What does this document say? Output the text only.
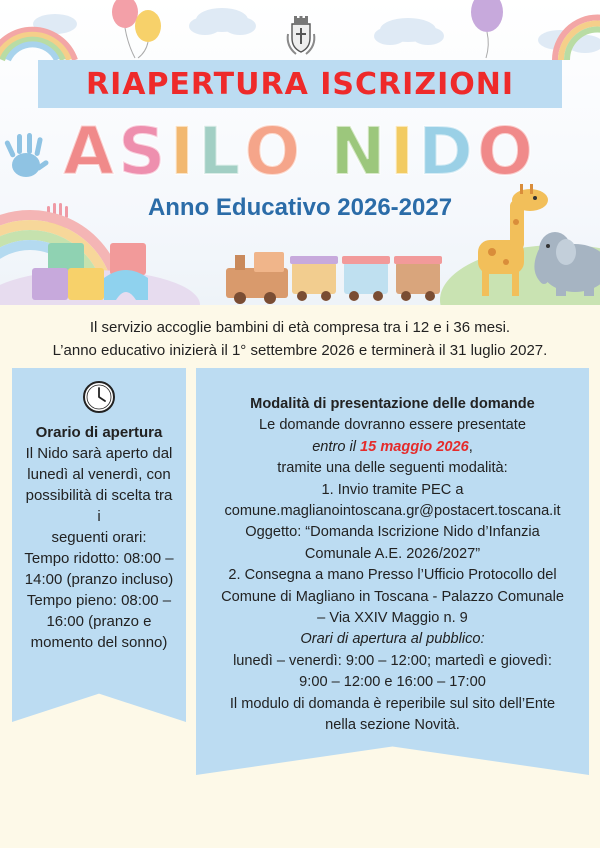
RIAPERTURA ISCRIZIONI
ASILO NIDO
Anno Educativo 2026-2027
Il servizio accoglie bambini di età compresa tra i 12 e i 36 mesi.
L’anno educativo inizierà il 1° settembre 2026 e terminerà il 31 luglio 2027.
Orario di apertura
Il Nido sarà aperto dal
lunedì al venerdì, con
possibilità di scelta tra
i
seguenti orari:
Tempo ridotto: 08:00 –
14:00 (pranzo incluso)
Tempo pieno: 08:00 –
16:00 (pranzo e
momento del sonno)
Modalità di presentazione delle domande
Le domande dovranno essere presentate
entro il 15 maggio 2026,
tramite una delle seguenti modalità:
1. Invio tramite PEC a
comune.maglianointoscana.gr@postacert.toscana.it
Oggetto: “Domanda Iscrizione Nido d’Infanzia
Comunale A.E. 2026/2027”
2. Consegna a mano Presso l’Ufficio Protocollo del
Comune di Magliano in Toscana - Palazzo Comunale
– Via XXIV Maggio n. 9
Orari di apertura al pubblico:
lunedì – venerdì: 9:00 – 12:00; martedì e giovedì:
9:00 – 12:00 e 16:00 – 17:00
Il modulo di domanda è reperibile sul sito dell’Ente
nella sezione Novità.
